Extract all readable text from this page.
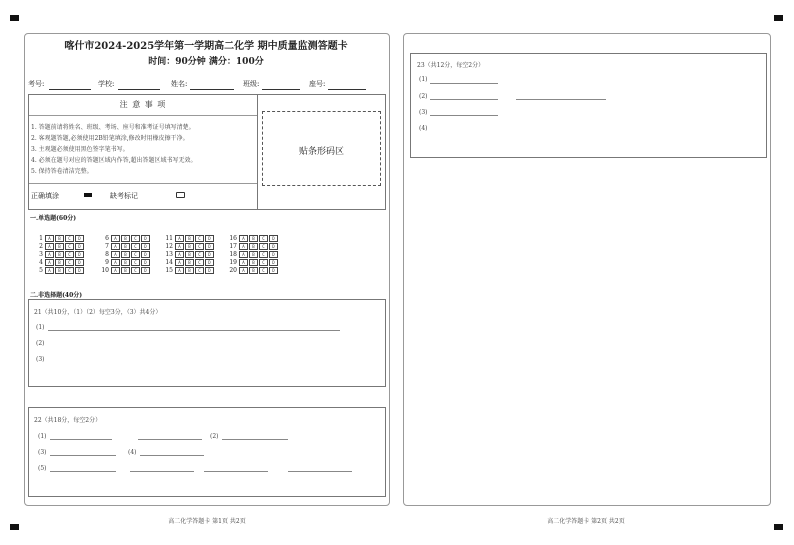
喀什市2024-2025学年第一学期高二化学 期中质量监测答题卡
时间：90分钟 满分：100分
考号:	学校:	姓名:	班级:	座号:
注 意 事 项
1. 答题前请将姓名、班级、考场、座号和准考证号填写清楚。
2. 客观题答题,必须使用2B铅笔填涂,修改时用橡皮擦干净。
3. 主观题必须使用黑色签字笔书写。
4. 必须在题号对应的答题区域内作答,超出答题区域书写无效。
5. 保持答卷清洁完整。
正确填涂	缺考标记
贴条形码区
一.单选题(60分)
1 A B C D
2 A B C D
3 A B C D
4 A B C D
5 A B C D
6 A B C D
7 A B C D
8 A B C D
9 A B C D
10 A B C D
11 A B C D
12 A B C D
13 A B C D
14 A B C D
15 A B C D
16 A B C D
17 A B C D
18 A B C D
19 A B C D
20 A B C D
二.非选择题(40分)
21（共10分，（1）（2）每空3分，（3）共4分）
(1)
(2)
(3)
22（共18分，每空2分）
(1)	(2)
(3)	(4)
(5)
高二化学答题卡 第1页 共2页
23（共12分，每空2分）
(1)
(2)
(3)
(4)
高二化学答题卡 第2页 共2页
